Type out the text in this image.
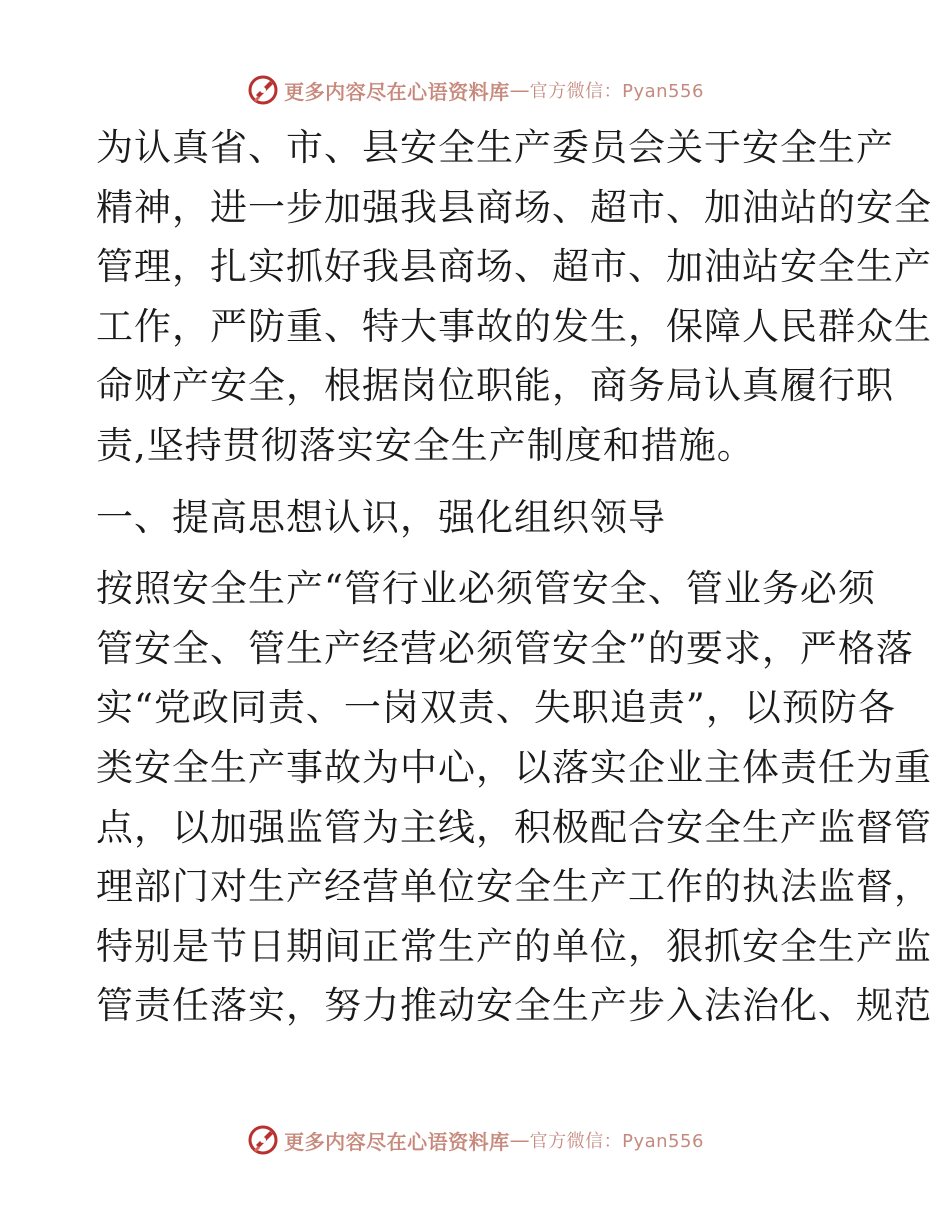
更多内容尽在心语资料库 — 官方微信：Pyan556

为认真省、市、县安全生产委员会关于安全生产
精神，进一步加强我县商场、超市、加油站的安全
管理，扎实抓好我县商场、超市、加油站安全生产
工作，严防重、特大事故的发生，保障人民群众生
命财产安全，根据岗位职能，商务局认真履行职
责,坚持贯彻落实安全生产制度和措施。

一、提高思想认识，强化组织领导

按照安全生产“管行业必须管安全、管业务必须
管安全、管生产经营必须管安全”的要求，严格落
实“党政同责、一岗双责、失职追责”，以预防各
类安全生产事故为中心，以落实企业主体责任为重
点，以加强监管为主线，积极配合安全生产监督管
理部门对生产经营单位安全生产工作的执法监督，
特别是节日期间正常生产的单位，狠抓安全生产监
管责任落实，努力推动安全生产步入法治化、规范

更多内容尽在心语资料库 — 官方微信：Pyan556
